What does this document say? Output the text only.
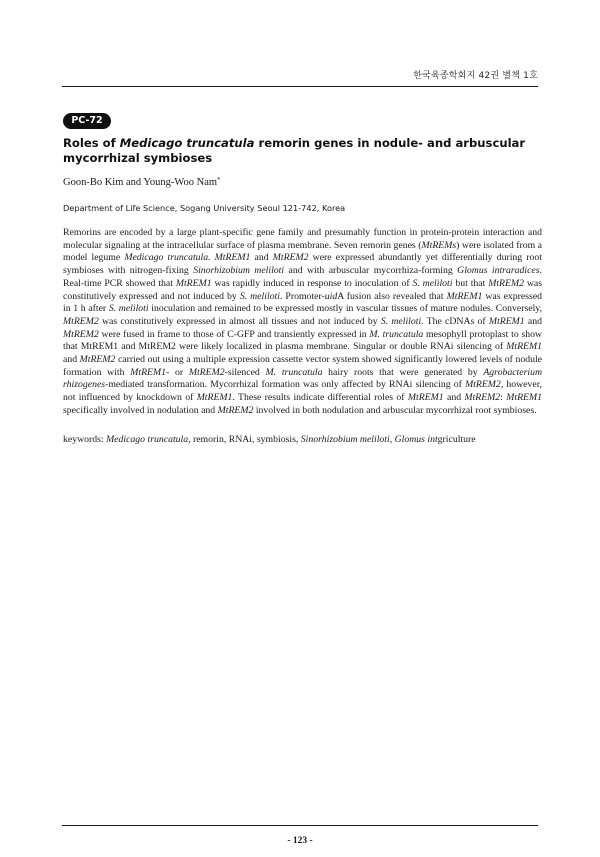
한국육종학회지 42권 별책 1호
PC-72
Roles of Medicago truncatula remorin genes in nodule- and arbuscular mycorrhizal symbioses
Goon-Bo Kim and Young-Woo Nam*
Department of Life Science, Sogang University Seoul 121-742, Korea

Remorins are encoded by a large plant-specific gene family and presumably function in protein-protein interaction and molecular signaling at the intracellular surface of plasma membrane. Seven remorin genes (MtREMs) were isolated from a model legume Medicago truncatula. MtREM1 and MtREM2 were expressed abundantly yet differentially during root symbioses with nitrogen-fixing Sinorhizobium meliloti and with arbuscular mycorrhiza-forming Glomus intraradices. Real-time PCR showed that MtREM1 was rapidly induced in response to inoculation of S. meliloti but that MtREM2 was constitutively expressed and not induced by S. meliloti. Promoter-uidA fusion also revealed that MtREM1 was expressed in 1 h after S. meliloti inoculation and remained to be expressed mostly in vascular tissues of mature nodules. Conversely, MtREM2 was constitutively expressed in almost all tissues and not induced by S. meliloti. The cDNAs of MtREM1 and MtREM2 were fused in frame to those of C-GFP and transiently expressed in M. truncatula mesophyll protoplast to show that MtREM1 and MtREM2 were likely localized in plasma membrane. Singular or double RNAi silencing of MtREM1 and MtREM2 carried out using a multiple expression cassette vector system showed significantly lowered levels of nodule formation with MtREM1- or MtREM2-silenced M. truncatula hairy roots that were generated by Agrobacterium rhizogenes-mediated transformation. Mycorrhizal formation was only affected by RNAi silencing of MtREM2, however, not influenced by knockdown of MtREM1. These results indicate differential roles of MtREM1 and MtREM2: MtREM1 specifically involved in nodulation and MtREM2 involved in both nodulation and arbuscular mycorrhizal root symbioses.

keywords: Medicago truncatula, remorin, RNAi, symbiosis, Sinorhizobium meliloti, Glomus intgriculture

- 123 -
